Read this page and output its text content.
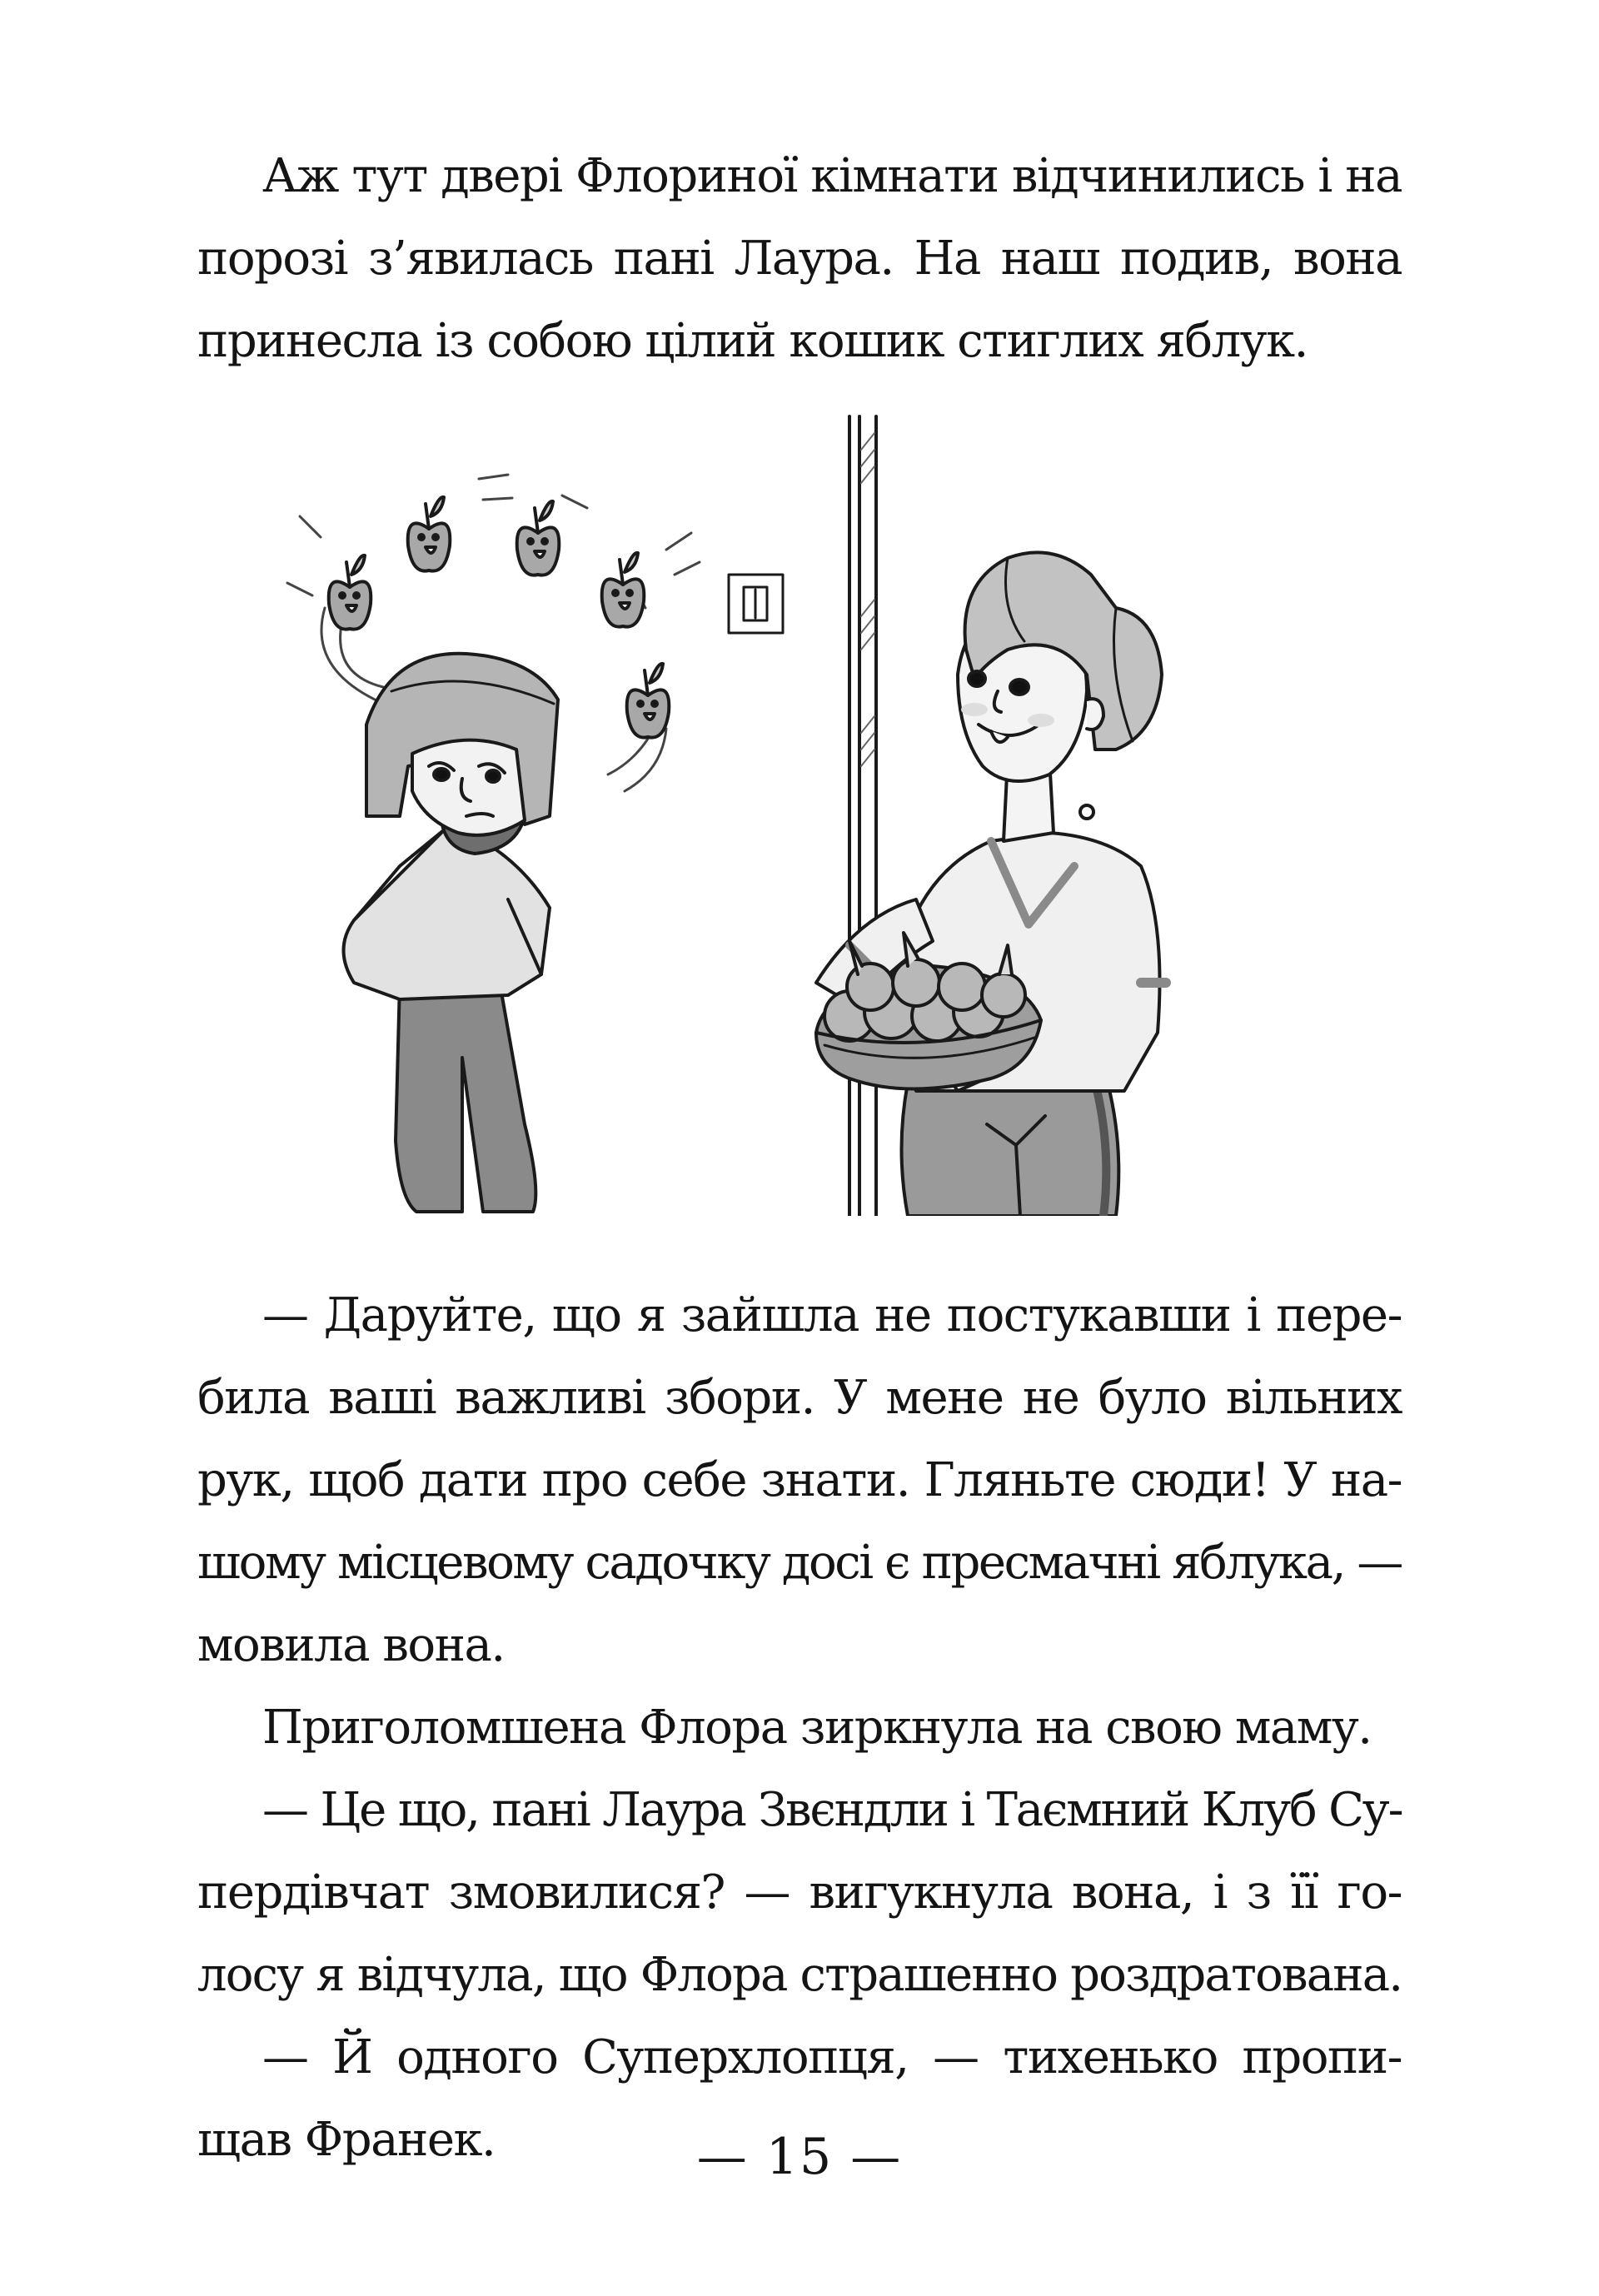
Аж тут двері Флориної кімнати відчинились і на
порозі з’явилась пані Лаура. На наш подив, вона
принесла із собою цілий кошик стиглих яблук.

— Даруйте, що я зайшла не постукавши і пере-
била ваші важливі збори. У мене не було вільних
рук, щоб дати про себе знати. Гляньте сюди! У на-
шому місцевому садочку досі є пресмачні яблука, —
мовила вона.

Приголомшена Флора зиркнула на свою маму.

— Це що, пані Лаура Звєндли і Таємний Клуб Су-
пердівчат змовилися? — вигукнула вона, і з її го-
лосу я відчула, що Флора страшенно роздратована.

— Й одного Суперхлопця, — тихенько пропи-
щав Франек.	— 15 —
